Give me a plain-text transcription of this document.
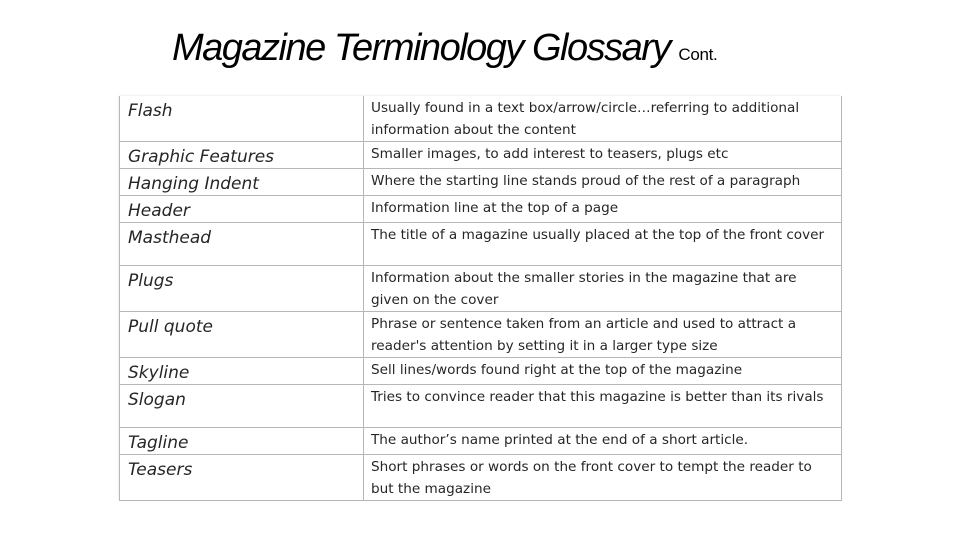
Magazine Terminology Glossary Cont.
Flash	Usually found in a text box/arrow/circle…referring to additional information about the content
Graphic Features	Smaller images, to add interest to teasers, plugs etc
Hanging Indent	Where the starting line stands proud of the rest of a paragraph
Header	Information line at the top of a page
Masthead	The title of a magazine usually placed at the top of the front cover
Plugs	Information about the smaller stories in the magazine that are given on the cover
Pull quote	Phrase or sentence taken from an article and used to attract a reader's attention by setting it in a larger type size
Skyline	Sell lines/words found right at the top of the magazine
Slogan	Tries to convince reader that this magazine is better than its rivals
Tagline	The author’s name printed at the end of a short article.
Teasers	Short phrases or words on the front cover to tempt the reader to but the magazine
